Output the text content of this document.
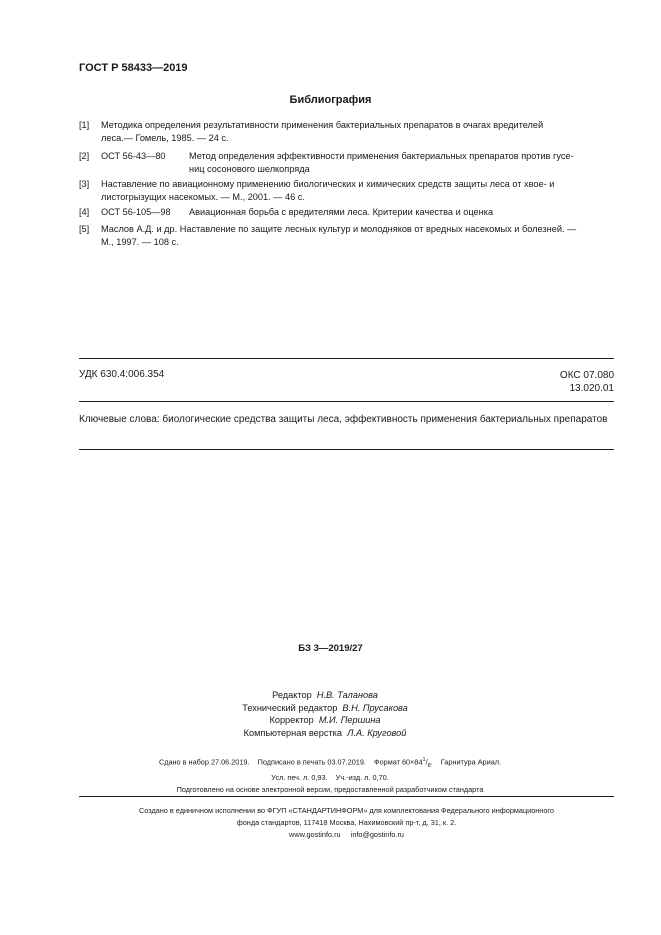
ГОСТ Р 58433—2019
Библиография
[1] Методика определения результативности применения бактериальных препаратов в очагах вредителей
леса.— Гомель, 1985. — 24 с.
[2] ОСТ 56-43—80	Метод определения эффективности применения бактериальных препаратов против гусе-
ниц сосонового шелкопряда
[3] Наставление по авиационному применению биологических и химических средств защиты леса от хвое- и
листогрызущих насекомых. — М., 2001. — 46 с.
[4] ОСТ 56-105—98 Авиационная борьба с вредителями леса. Критерии качества и оценка
[5] Маслов А.Д. и др. Наставление по защите лесных культур и молодняков от вредных насекомых и болезней. —
М., 1997. — 108 с.
УДК 630.4:006.354	ОКС 07.080
13.020.01
Ключевые слова: биологические средства защиты леса, эффективность применения бактериальных препаратов
БЗ 3—2019/27
Редактор Н.В. Таланова
Технический редактор В.Н. Прусакова
Корректор М.И. Першина
Компьютерная верстка Л.А. Круговой
Сдано в набор 27.06.2019.    Подписано в печать 03.07.2019.    Формат $60\times 84^1/_8$.    Гарнитура Ариал.
Усл. печ. л. 0,93.    Уч.-изд. л. 0,70.
Подготовлено на основе электронной версии, предоставленной разработчиком стандарта
Создано в единичном исполнении во ФГУП «СТАНДАРТИНФОРМ» для комплектования Федерального информационного
фонда стандартов, 117418 Москва, Нахимовский пр-т, д. 31, к. 2.
www.gostinfo.ru info@gostinfo.ru
